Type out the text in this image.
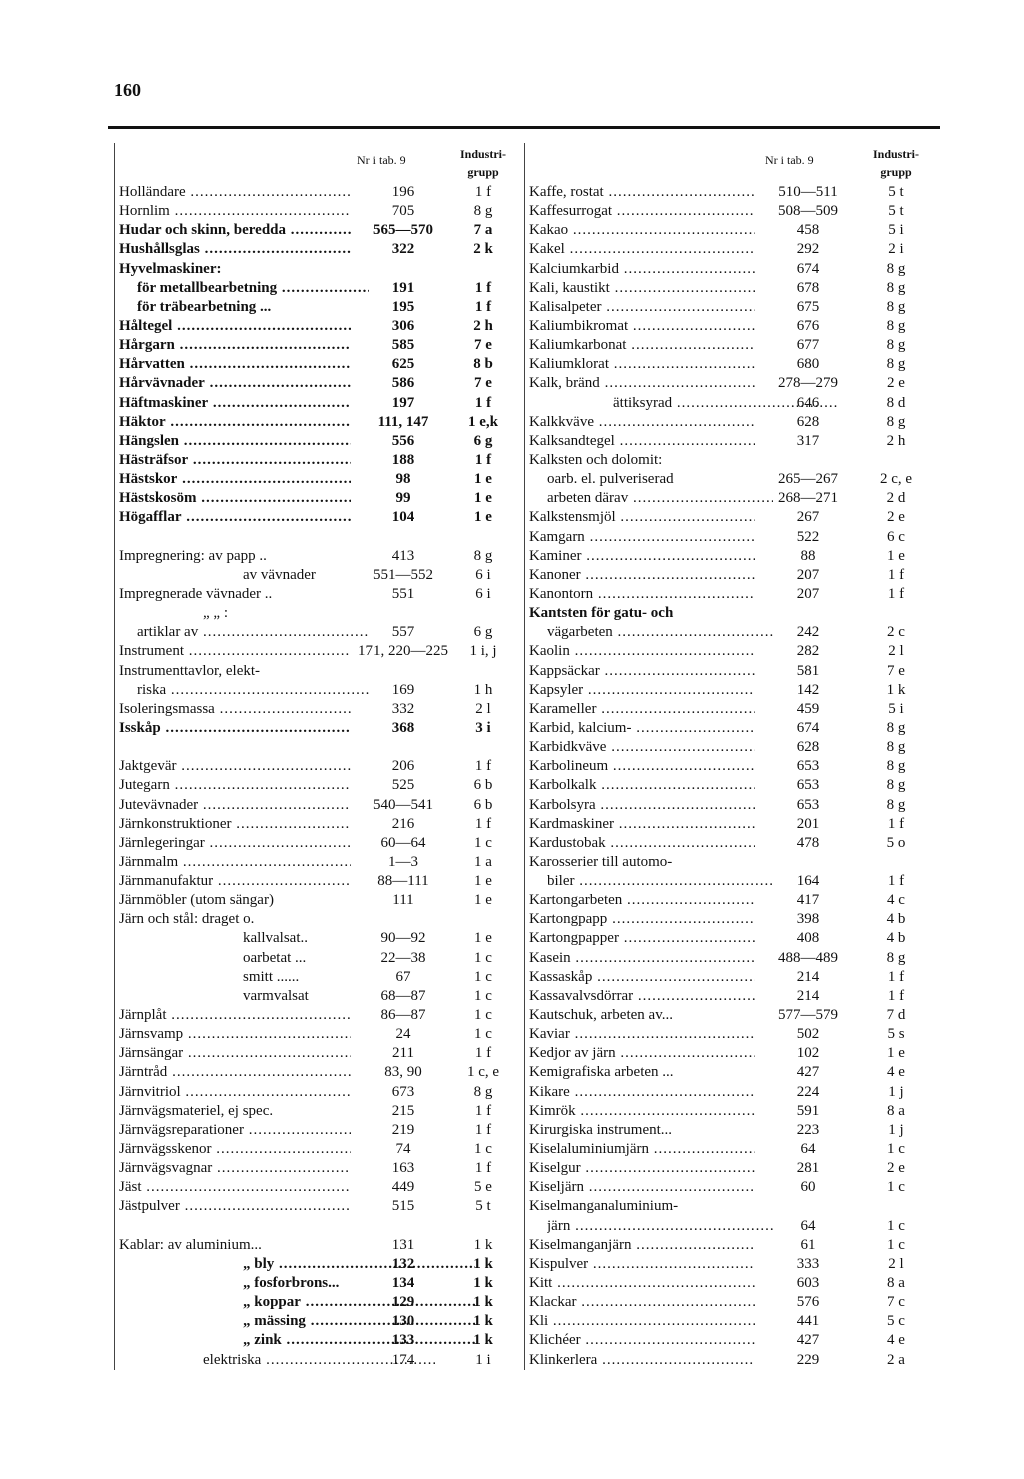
160
Nr i tab. 9	Industri-
grupp
Holländare .....	196	1 f
Hornlim .....	705	8 g
Hudar och skinn, beredda .....	565—570	7 a
Hushållsglas .....	322	2 k
Hyvelmaskiner:
för metallbearbetning .....	191	1 f
för träbearbetning ...	195	1 f
Håltegel .....	306	2 h
Hårgarn .....	585	7 e
Hårvatten .....	625	8 b
Hårvävnader .....	586	7 e
Häftmaskiner .....	197	1 f
Häktor .....	111, 147	1 e,k
Hängslen .....	556	6 g
Hästräfsor .....	188	1 f
Hästskor .....	98	1 e
Hästskosöm .....	99	1 e
Högafflar .....	104	1 e
Impregnering: av papp ..	413	8 g
av vävnader	551—552	6 i
Impregnerade vävnader ..	551	6 i
„ „ :
artiklar av .....	557	6 g
Instrument .....	171, 220—225	1 i, j
Instrumenttavlor, elekt-
riska .....	169	1 h
Isoleringsmassa .....	332	2 l
Isskåp .....	368	3 i
Jaktgevär .....	206	1 f
Jutegarn .....	525	6 b
Jutevävnader .....	540—541	6 b
Järnkonstruktioner .....	216	1 f
Järnlegeringar .....	60—64	1 c
Järnmalm .....	1—3	1 a
Järnmanufaktur .....	88—111	1 e
Järnmöbler (utom sängar)	111	1 e
Järn och stål: draget o.
kallvalsat..	90—92	1 e
oarbetat ...	22—38	1 c
smitt ......	67	1 c
varmvalsat	68—87	1 c
Järnplåt .....	86—87	1 c
Järnsvamp .....	24	1 c
Järnsängar .....	211	1 f
Järntråd .....	83, 90	1 c, e
Järnvitriol .....	673	8 g
Järnvägsmateriel, ej spec.	215	1 f
Järnvägsreparationer .....	219	1 f
Järnvägsskenor .....	74	1 c
Järnvägsvagnar .....	163	1 f
Jäst .....	449	5 e
Jästpulver .....	515	5 t
Kablar: av aluminium...	131	1 k
„ bly .....	132	1 k
„ fosforbrons...	134	1 k
„ koppar .....	129	1 k
„ mässing .....	130	1 k
„ zink .....	133	1 k
elektriska .....	174	1 i
Nr i tab. 9	Industri-
grupp
Kaffe, rostat .....	510—511	5 t
Kaffesurrogat .....	508—509	5 t
Kakao .....	458	5 i
Kakel .....	292	2 i
Kalciumkarbid .....	674	8 g
Kali, kaustikt .....	678	8 g
Kalisalpeter .....	675	8 g
Kaliumbikromat .....	676	8 g
Kaliumkarbonat .....	677	8 g
Kaliumklorat .....	680	8 g
Kalk, bränd .....	278—279	2 e
ättiksyrad .....	646	8 d
Kalkkväve .....	628	8 g
Kalksandtegel .....	317	2 h
Kalksten och dolomit:
oarb. el. pulveriserad	265—267	2 c, e
arbeten därav .....	268—271	2 d
Kalkstensmjöl .....	267	2 e
Kamgarn .....	522	6 c
Kaminer .....	88	1 e
Kanoner .....	207	1 f
Kanontorn .....	207	1 f
Kantsten för gatu- och
vägarbeten .....	242	2 c
Kaolin .....	282	2 l
Kappsäckar .....	581	7 e
Kapsyler .....	142	1 k
Karameller .....	459	5 i
Karbid, kalcium- .....	674	8 g
Karbidkväve .....	628	8 g
Karbolineum .....	653	8 g
Karbolkalk .....	653	8 g
Karbolsyra .....	653	8 g
Kardmaskiner .....	201	1 f
Kardustobak .....	478	5 o
Karosserier till automo-
biler .....	164	1 f
Kartongarbeten .....	417	4 c
Kartongpapp .....	398	4 b
Kartongpapper .....	408	4 b
Kasein .....	488—489	8 g
Kassaskåp .....	214	1 f
Kassavalvsdörrar .....	214	1 f
Kautschuk, arbeten av...	577—579	7 d
Kaviar .....	502	5 s
Kedjor av järn .....	102	1 e
Kemigrafiska arbeten ...	427	4 e
Kikare .....	224	1 j
Kimrök .....	591	8 a
Kirurgiska instrument...	223	1 j
Kiselaluminiumjärn .....	64	1 c
Kiselgur .....	281	2 e
Kiseljärn .....	60	1 c
Kiselmanganaluminium-
järn .....	64	1 c
Kiselmanganjärn .....	61	1 c
Kispulver .....	333	2 l
Kitt .....	603	8 a
Klackar .....	576	7 c
Kli .....	441	5 c
Klichéer .....	427	4 e
Klinkerlera .....	229	2 a
